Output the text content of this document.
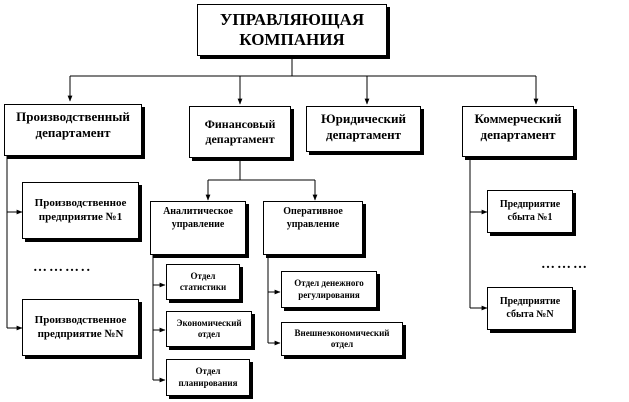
УПРАВЛЯЮЩАЯ
КОМПАНИЯ
Производственный
департамент
Финансовый
департамент
Юридический
департамент
Коммерческий
департамент
Производственное
предприятие №1
………..
Производственное
предприятие №N
Аналитическое
управление
Оперативное
управление
Отдел
статистики
Экономический
отдел
Отдел
планирования
Отдел денежного
регулирования
Внешнеэкономический
отдел
Предприятие
сбыта №1
………
Предприятие
сбыта №N
